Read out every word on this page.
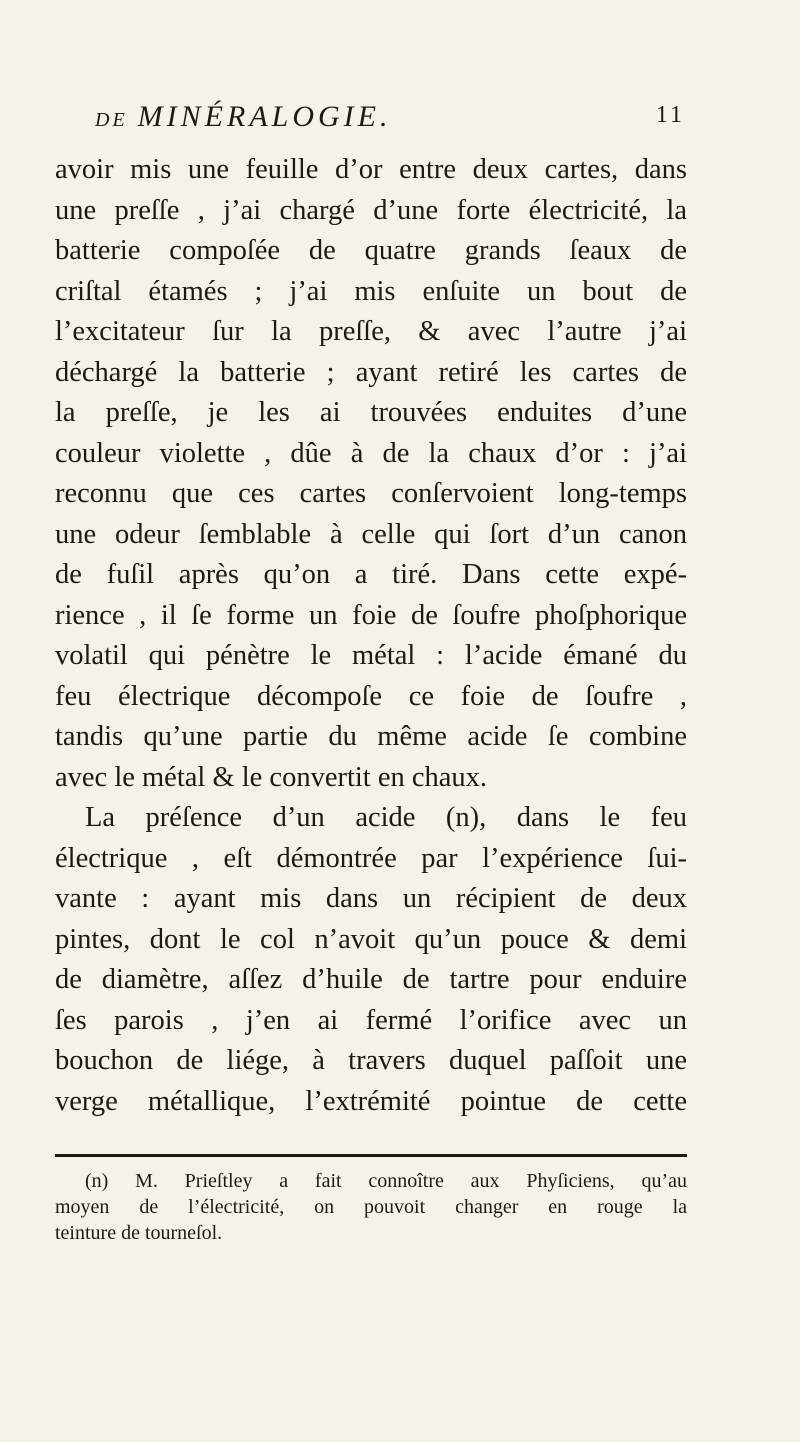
DE MINÉRALOGIE.	11
avoir mis une feuille d’or entre deux cartes, dans
une preſſe , j’ai chargé d’une forte électricité, la
batterie compoſée de quatre grands ſeaux de
criſtal étamés ; j’ai mis enſuite un bout de
l’excitateur ſur la preſſe, & avec l’autre j’ai
déchargé la batterie ; ayant retiré les cartes de
la preſſe, je les ai trouvées enduites d’une
couleur violette , dûe à de la chaux d’or : j’ai
reconnu que ces cartes conſervoient long-temps
une odeur ſemblable à celle qui ſort d’un canon
de fuſil après qu’on a tiré. Dans cette expé-
rience , il ſe forme un foie de ſoufre phoſphorique
volatil qui pénètre le métal : l’acide émané du
feu électrique décompoſe ce foie de ſoufre ,
tandis qu’une partie du même acide ſe combine
avec le métal & le convertit en chaux.
La préſence d’un acide (n), dans le feu
électrique , eſt démontrée par l’expérience ſui-
vante : ayant mis dans un récipient de deux
pintes, dont le col n’avoit qu’un pouce & demi
de diamètre, aſſez d’huile de tartre pour enduire
ſes parois , j’en ai fermé l’orifice avec un
bouchon de liége, à travers duquel paſſoit une
verge métallique, l’extrémité pointue de cette
(n) M. Prieſtley a fait connoître aux Phyſiciens, qu’au
moyen de l’électricité, on pouvoit changer en rouge la
teinture de tourneſol.
